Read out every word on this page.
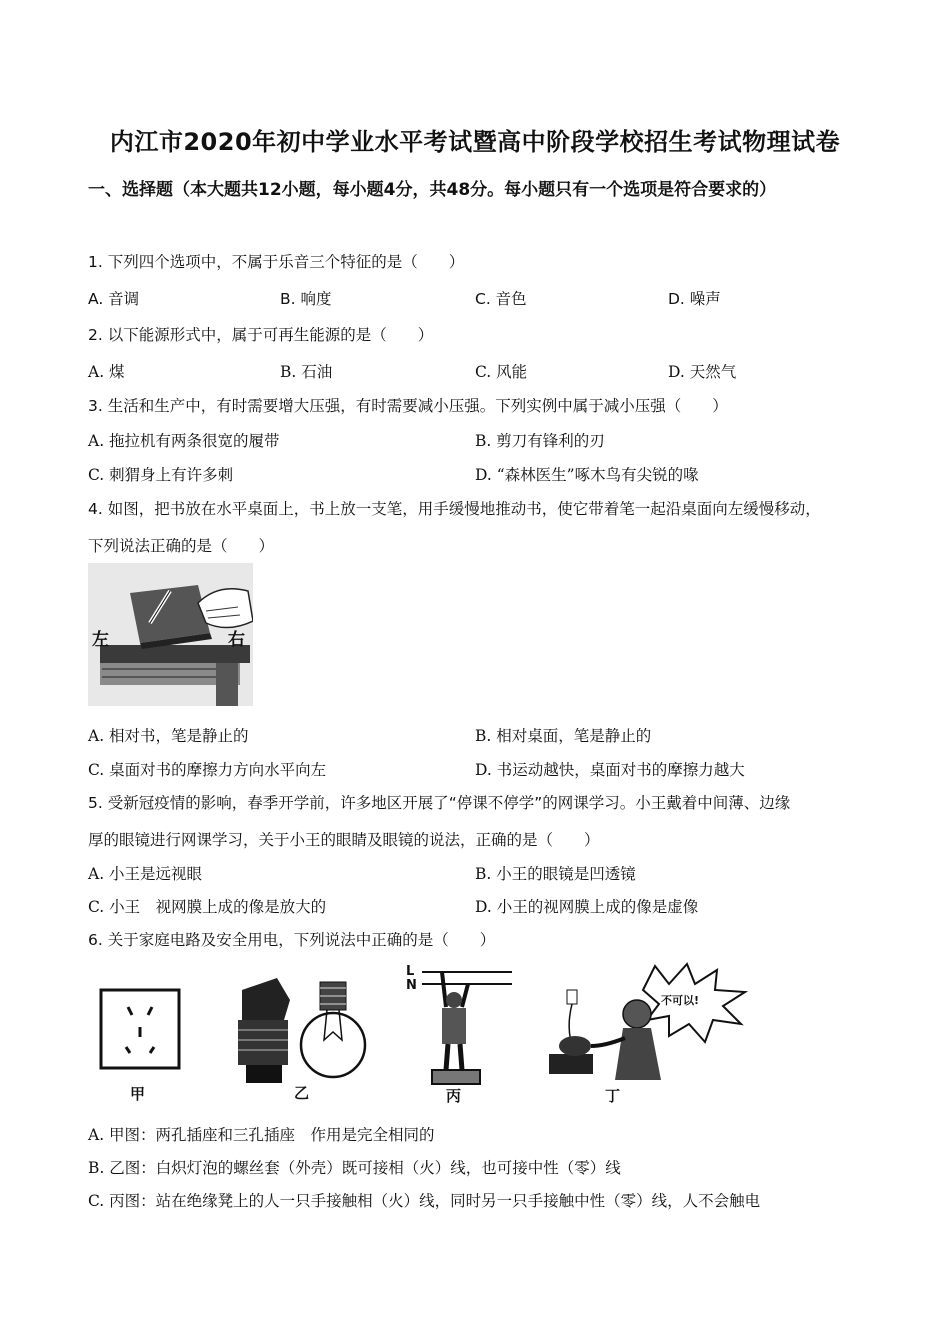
内江市2020年初中学业水平考试暨高中阶段学校招生考试物理试卷
一、选择题（本大题共12小题，每小题4分，共48分。每小题只有一个选项是符合要求的）
1. 下列四个选项中，不属于乐音三个特征的是（　　）
A. 音调	B. 响度	C. 音色	D. 噪声
2. 以下能源形式中，属于可再生能源的是（　　）
A. 煤	B. 石油	C. 风能	D. 天然气
3. 生活和生产中，有时需要增大压强，有时需要减小压强。下列实例中属于减小压强（　　）
A. 拖拉机有两条很宽的履带	B. 剪刀有锋利的刃
C. 刺猬身上有许多刺	D. “森林医生”啄木鸟有尖锐的喙
4. 如图，把书放在水平桌面上，书上放一支笔，用手缓慢地推动书，使它带着笔一起沿桌面向左缓慢移动，
下列说法正确的是（　　）
左	右
A. 相对书，笔是静止的	B. 相对桌面，笔是静止的
C. 桌面对书的摩擦力方向水平向左	D. 书运动越快，桌面对书的摩擦力越大
5. 受新冠疫情的影响，春季开学前，许多地区开展了“停课不停学”的网课学习。小王戴着中间薄、边缘
厚的眼镜进行网课学习，关于小王的眼睛及眼镜的说法，正确的是（　　）
A. 小王是远视眼	B. 小王的眼镜是凹透镜
C. 小王　视网膜上成的像是放大的	D. 小王的视网膜上成的像是虚像
6. 关于家庭电路及安全用电，下列说法中正确的是（　　）
甲	乙
L
N
丙
不可以!
丁
A. 甲图：两孔插座和三孔插座　作用是完全相同的
B. 乙图：白炽灯泡的螺丝套（外壳）既可接相（火）线，也可接中性（零）线
C. 丙图：站在绝缘凳上的人一只手接触相（火）线，同时另一只手接触中性（零）线，人不会触电
